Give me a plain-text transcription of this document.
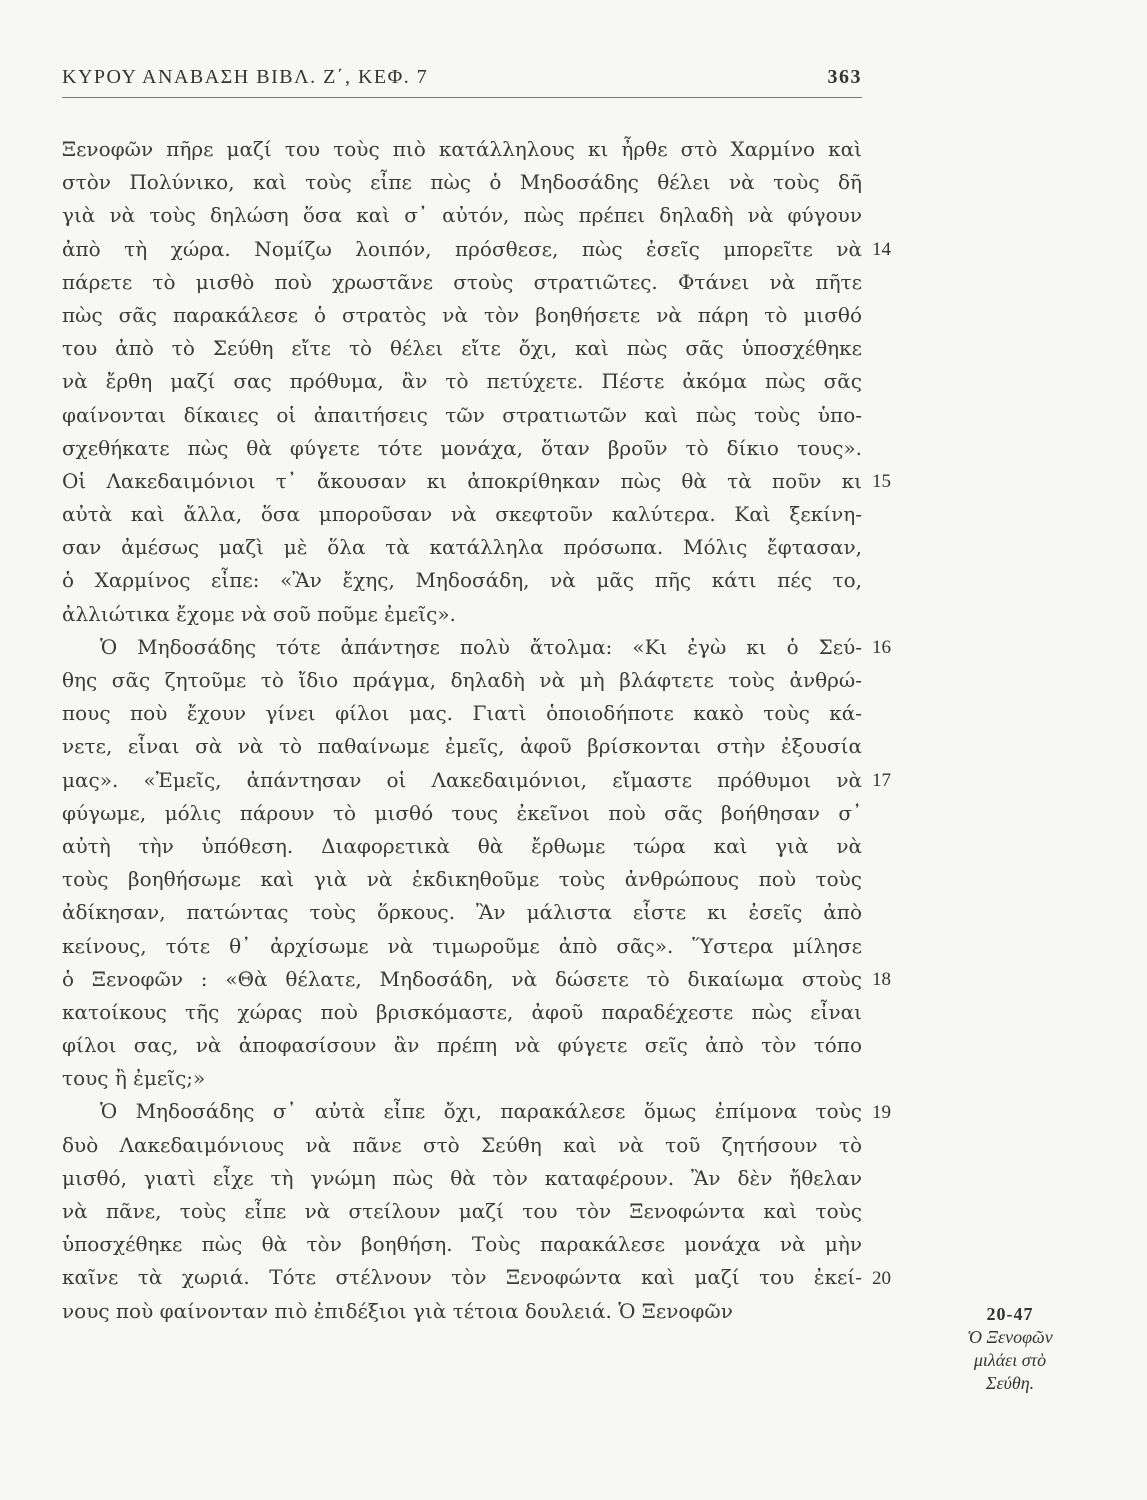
ΚΥΡΟΥ ΑΝΑΒΑΣΗ ΒΙΒΛ. Ζ΄, ΚΕΦ. 7	363
Ξενοφῶν πῆρε μαζί του τοὺς πιὸ κατάλληλους κι ἦρθε στὸ Χαρμίνο καὶ
στὸν Πολύνικο, καὶ τοὺς εἶπε πὼς ὁ Μηδοσάδης θέλει νὰ τοὺς δῆ
γιὰ νὰ τοὺς δηλώση ὅσα καὶ σ᾽ αὐτόν, πὼς πρέπει δηλαδὴ νὰ φύγουν
ἀπὸ τὴ χώρα. Νομίζω λοιπόν, πρόσθεσε, πὼς ἐσεῖς μπορεῖτε νὰ
πάρετε τὸ μισθὸ ποὺ χρωστᾶνε στοὺς στρατιῶτες. Φτάνει νὰ πῆτε
πὼς σᾶς παρακάλεσε ὁ στρατὸς νὰ τὸν βοηθήσετε νὰ πάρη τὸ μισθό
του ἀπὸ τὸ Σεύθη εἴτε τὸ θέλει εἴτε ὄχι, καὶ πὼς σᾶς ὑποσχέθηκε
νὰ ἔρθη μαζί σας πρόθυμα, ἂν τὸ πετύχετε. Πέστε ἀκόμα πὼς σᾶς
φαίνονται δίκαιες οἱ ἀπαιτήσεις τῶν στρατιωτῶν καὶ πὼς τοὺς ὑπο-
σχεθήκατε πὼς θὰ φύγετε τότε μονάχα, ὅταν βροῦν τὸ δίκιο τους».
Οἱ Λακεδαιμόνιοι τ᾽ ἄκουσαν κι ἀποκρίθηκαν πὼς θὰ τὰ ποῦν κι
αὐτὰ καὶ ἄλλα, ὅσα μποροῦσαν νὰ σκεφτοῦν καλύτερα. Καὶ ξεκίνη-
σαν ἀμέσως μαζὶ μὲ ὅλα τὰ κατάλληλα πρόσωπα. Μόλις ἔφτασαν,
ὁ Χαρμίνος εἶπε: «Ἂν ἔχης, Μηδοσάδη, νὰ μᾶς πῆς κάτι πές το,
ἀλλιώτικα ἔχομε νὰ σοῦ ποῦμε ἐμεῖς».
Ὁ Μηδοσάδης τότε ἀπάντησε πολὺ ἄτολμα: «Κι ἐγὼ κι ὁ Σεύ-
θης σᾶς ζητοῦμε τὸ ἴδιο πράγμα, δηλαδὴ νὰ μὴ βλάφτετε τοὺς ἀνθρώ-
πους ποὺ ἔχουν γίνει φίλοι μας. Γιατὶ ὁποιοδήποτε κακὸ τοὺς κά-
νετε, εἶναι σὰ νὰ τὸ παθαίνωμε ἐμεῖς, ἀφοῦ βρίσκονται στὴν ἐξουσία
μας». «Ἐμεῖς, ἀπάντησαν οἱ Λακεδαιμόνιοι, εἴμαστε πρόθυμοι νὰ
φύγωμε, μόλις πάρουν τὸ μισθό τους ἐκεῖνοι ποὺ σᾶς βοήθησαν σ᾽
αὐτὴ τὴν ὑπόθεση. Διαφορετικὰ θὰ ἔρθωμε τώρα καὶ γιὰ νὰ
τοὺς βοηθήσωμε καὶ γιὰ νὰ ἐκδικηθοῦμε τοὺς ἀνθρώπους ποὺ τοὺς
ἀδίκησαν, πατώντας τοὺς ὅρκους. Ἂν μάλιστα εἶστε κι ἐσεῖς ἀπὸ
κείνους, τότε θ᾽ ἀρχίσωμε νὰ τιμωροῦμε ἀπὸ σᾶς». Ὕστερα μίλησε
ὁ Ξενοφῶν : «Θὰ θέλατε, Μηδοσάδη, νὰ δώσετε τὸ δικαίωμα στοὺς
κατοίκους τῆς χώρας ποὺ βρισκόμαστε, ἀφοῦ παραδέχεστε πὼς εἶναι
φίλοι σας, νὰ ἀποφασίσουν ἂν πρέπη νὰ φύγετε σεῖς ἀπὸ τὸν τόπο
τους ἢ ἐμεῖς;»
Ὁ Μηδοσάδης σ᾽ αὐτὰ εἶπε ὄχι, παρακάλεσε ὅμως ἐπίμονα τοὺς
δυὸ Λακεδαιμόνιους νὰ πᾶνε στὸ Σεύθη καὶ νὰ τοῦ ζητήσουν τὸ
μισθό, γιατὶ εἶχε τὴ γνώμη πὼς θὰ τὸν καταφέρουν. Ἂν δὲν ἤθελαν
νὰ πᾶνε, τοὺς εἶπε νὰ στείλουν μαζί του τὸν Ξενοφώντα καὶ τοὺς
ὑποσχέθηκε πὼς θὰ τὸν βοηθήση. Τοὺς παρακάλεσε μονάχα νὰ μὴν
καῖνε τὰ χωριά. Τότε στέλνουν τὸν Ξενοφώντα καὶ μαζί του ἐκεί-
νους ποὺ φαίνονταν πιὸ ἐπιδέξιοι γιὰ τέτοια δουλειά. Ὁ Ξενοφῶν
14
15
16
17
18
19
20
20-47
Ὁ Ξενοφῶν
μιλάει στὸ
Σεύθη.
